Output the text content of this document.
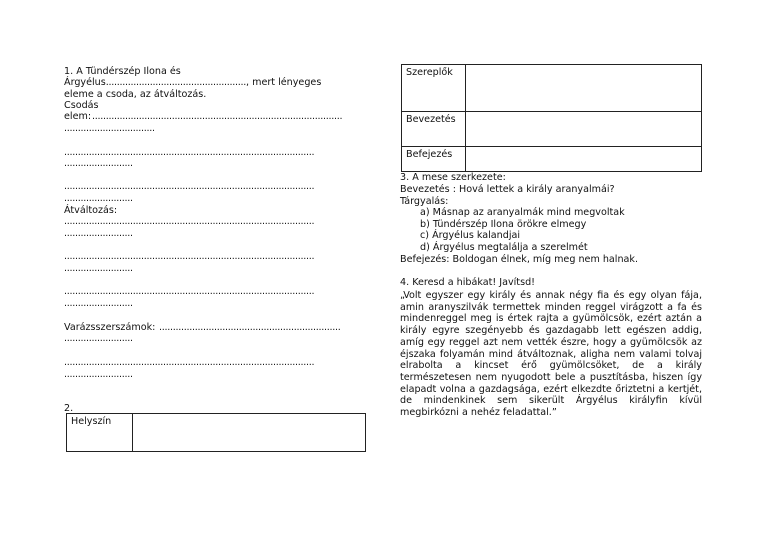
1. A Tündérszép Ilona és
Árgyélus..................................................., mert lényeges
eleme a csoda, az átváltozás.
Csodás
elem: ...........................................................................................
.................................
...........................................................................................
.........................
...........................................................................................
.........................
Átváltozás:
...........................................................................................
.........................
...........................................................................................
.........................
...........................................................................................
.........................
Varázsszerszámok: ..................................................................
.........................
...........................................................................................
.........................
2.
Helyszín	
Szereplők	
Bevezetés	
Befejezés	
3. A mese szerkezete:
Bevezetés : Hová lettek a király aranyalmái?
Tárgyalás:
a) Másnap az aranyalmák mind megvoltak
b) Tündérszép Ilona örökre elmegy
c) Árgyélus kalandjai
d) Árgyélus megtalálja a szerelmét
Befejezés: Boldogan élnek, míg meg nem halnak.
4. Keresd a hibákat! Javítsd!
„Volt egyszer egy király és annak négy fia és egy olyan fája, amin aranyszilvák termettek minden reggel virágzott a fa és mindenreggel meg is értek rajta a gyümölcsök, ezért aztán a király egyre szegényebb és gazdagabb lett egészen addig, amíg egy reggel azt nem vették észre, hogy a gyümölcsök az éjszaka folyamán mind átváltoznak, aligha nem valami tolvaj elrabolta a kincset érő gyümölcsöket, de a király természetesen nem nyugodott bele a pusztításba, hiszen így elapadt volna a gazdagsága, ezért elkezdte őriztetni a kertjét, de mindenkinek sem sikerült Árgyélus királyfin kívül megbirkózni a nehéz feladattal.”
